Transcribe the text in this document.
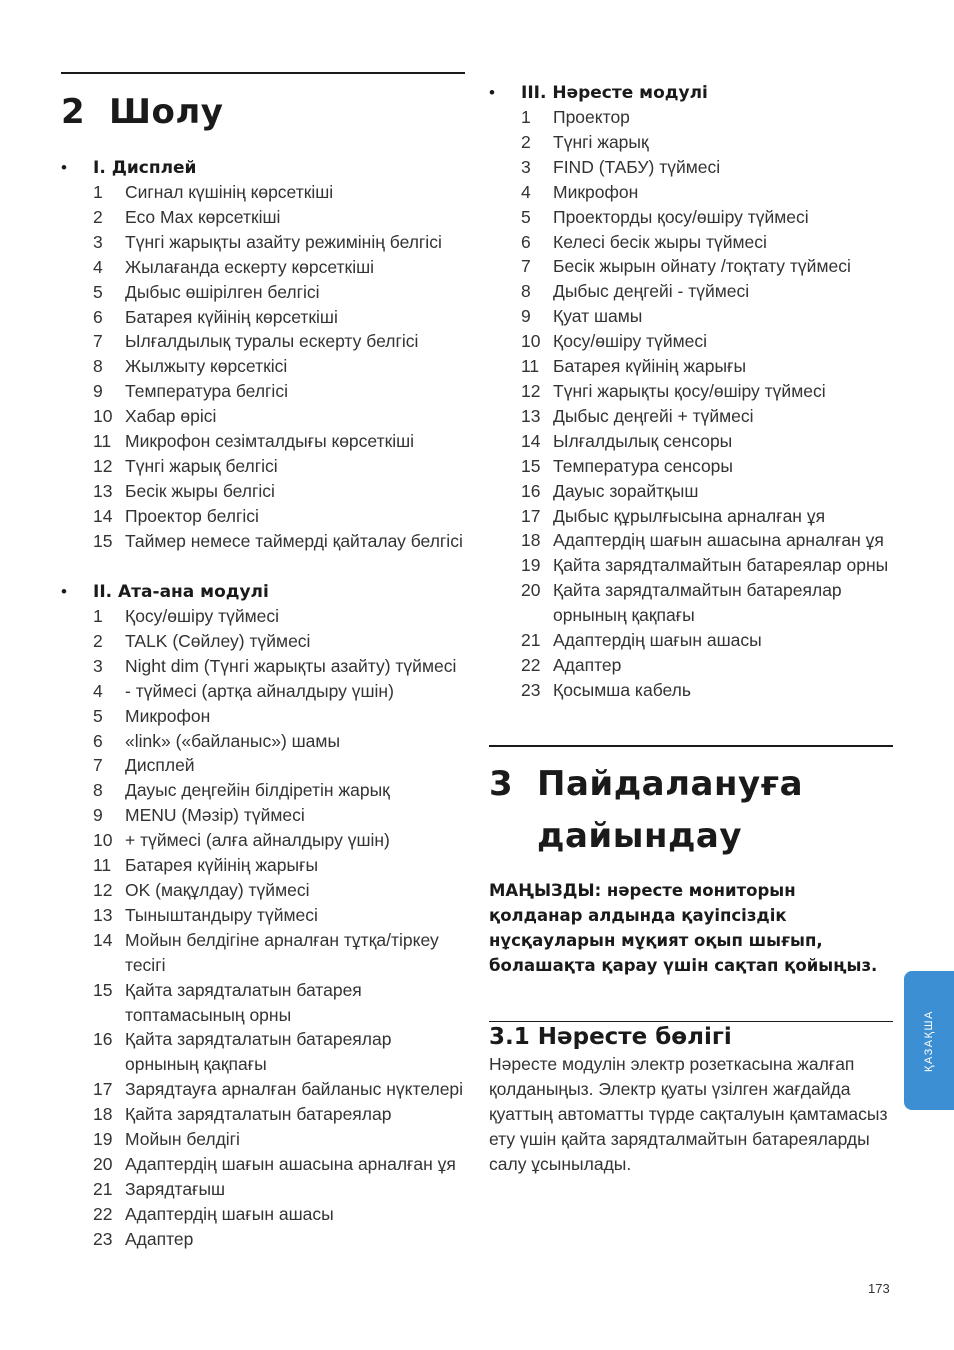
2 Шолу
•	I. Дисплей
1	Сигнал күшінің көрсеткіші
2	Eco Max көрсеткіші
3	Түнгі жарықты азайту режимінің белгісі
4	Жылағанда ескерту көрсеткіші
5	Дыбыс өшірілген белгісі
6	Батарея күйінің көрсеткіші
7	Ылғалдылық туралы ескерту белгісі
8	Жылжыту көрсеткісі
9	Температура белгісі
10 Хабар өрісі
11 Микрофон сезімталдығы көрсеткіші
12 Түнгі жарық белгісі
13 Бесік жыры белгісі
14 Проектор белгісі
15 Таймер немесе таймерді қайталау белгісі
•	II. Ата-ана модулі
1	Қосу/өшіру түймесі
2	TALK (Сөйлеу) түймесі
3	Night dim (Түнгі жарықты азайту) түймесі
4	- түймесі (артқа айналдыру үшін)
5	Микрофон
6	«link» («байланыс») шамы
7	Дисплей
8	Дауыс деңгейін білдіретін жарық
9	MENU (Мәзір) түймесі
10 + түймесі (алға айналдыру үшін)
11 Батарея күйінің жарығы
12 OK (мақұлдау) түймесі
13 Тыныштандыру түймесі
14 Мойын белдігіне арналған тұтқа/тіркеу тесігі
15 Қайта зарядталатын батарея топтамасының орны
16 Қайта зарядталатын батареялар орнының қақпағы
17 Зарядтауға арналған байланыс нүктелері
18 Қайта зарядталатын батареялар
19 Мойын белдігі
20 Адаптердің шағын ашасына арналған ұя
21 Зарядтағыш
22 Адаптердің шағын ашасы
23 Адаптер
•	III. Нәресте модулі
1	Проектор
2	Түнгі жарық
3	FIND (ТАБУ) түймесі
4	Микрофон
5	Проекторды қосу/өшіру түймесі
6	Келесі бесік жыры түймесі
7	Бесік жырын ойнату /тоқтату түймесі
8	Дыбыс деңгейі - түймесі
9	Қуат шамы
10 Қосу/өшіру түймесі
11 Батарея күйінің жарығы
12 Түнгі жарықты қосу/өшіру түймесі
13 Дыбыс деңгейі + түймесі
14 Ылғалдылық сенсоры
15 Температура сенсоры
16 Дауыс зорайтқыш
17 Дыбыс құрылғысына арналған ұя
18 Адаптердің шағын ашасына арналған ұя
19 Қайта зарядталмайтын батареялар орны
20 Қайта зарядталмайтын батареялар орнының қақпағы
21 Адаптердің шағын ашасы
22 Адаптер
23 Қосымша кабель
3 Пайдалануға
дайындау

МАҢЫЗДЫ: нәресте мониторын қолданар алдында қауіпсіздік нұсқауларын мұқият оқып шығып, болашақта қарау үшін сақтап қойыңыз.

3.1 Нәресте бөлігі

Нәресте модулін электр розеткасына жалғап қолданыңыз. Электр қуаты үзілген жағдайда қуаттың автоматты түрде сақталуын қамтамасыз ету үшін қайта зарядталмайтын батареяларды салу ұсынылады.

ҚАЗАҚША
173
